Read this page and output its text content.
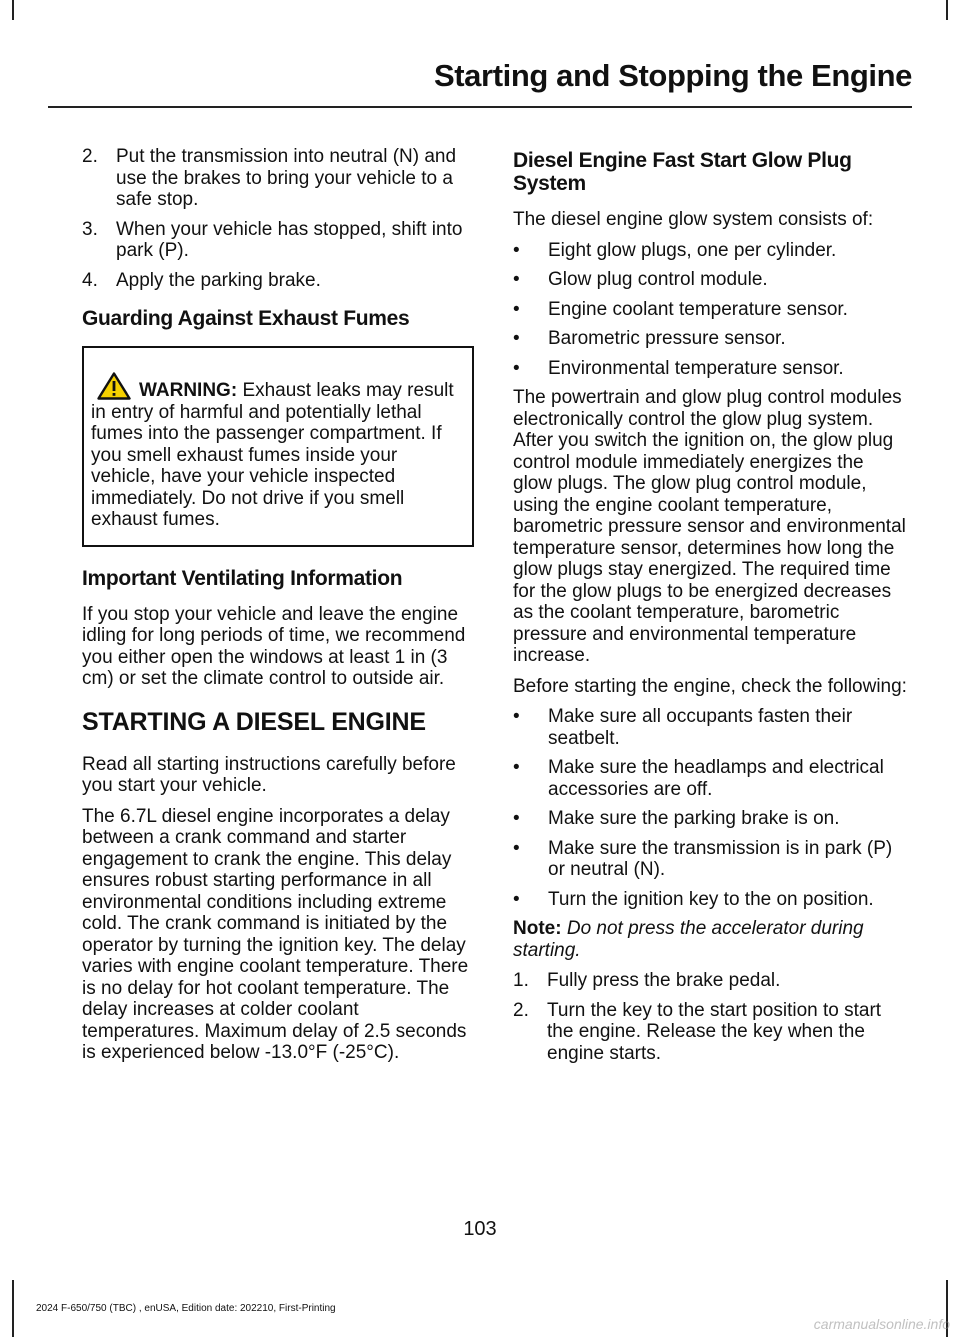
Starting and Stopping the Engine
2. Put the transmission into neutral (N) and use the brakes to bring your vehicle to a safe stop.
3. When your vehicle has stopped, shift into park (P).
4. Apply the parking brake.
Guarding Against Exhaust Fumes
WARNING: Exhaust leaks may result in entry of harmful and potentially lethal fumes into the passenger compartment. If you smell exhaust fumes inside your vehicle, have your vehicle inspected immediately. Do not drive if you smell exhaust fumes.
Important Ventilating Information

If you stop your vehicle and leave the engine idling for long periods of time, we recommend you either open the windows at least 1 in (3 cm) or set the climate control to outside air.

STARTING A DIESEL ENGINE

Read all starting instructions carefully before you start your vehicle.

The 6.7L diesel engine incorporates a delay between a crank command and starter engagement to crank the engine. This delay ensures robust starting performance in all environmental conditions including extreme cold. The crank command is initiated by the operator by turning the ignition key. The delay varies with engine coolant temperature. There is no delay for hot coolant temperature. The delay increases at colder coolant temperatures. Maximum delay of 2.5 seconds is experienced below -13.0°F (-25°C).

Diesel Engine Fast Start Glow Plug System

The diesel engine glow system consists of:

• Eight glow plugs, one per cylinder.
• Glow plug control module.
• Engine coolant temperature sensor.
• Barometric pressure sensor.
• Environmental temperature sensor.

The powertrain and glow plug control modules electronically control the glow plug system. After you switch the ignition on, the glow plug control module immediately energizes the glow plugs. The glow plug control module, using the engine coolant temperature, barometric pressure sensor and environmental temperature sensor, determines how long the glow plugs stay energized. The required time for the glow plugs to be energized decreases as the coolant temperature, barometric pressure and environmental temperature increase.

Before starting the engine, check the following:

• Make sure all occupants fasten their seatbelt.
• Make sure the headlamps and electrical accessories are off.
• Make sure the parking brake is on.
• Make sure the transmission is in park (P) or neutral (N).
• Turn the ignition key to the on position.

Note: Do not press the accelerator during starting.

1. Fully press the brake pedal.
2. Turn the key to the start position to start the engine. Release the key when the engine starts.
103
2024 F-650/750 (TBC) , enUSA, Edition date: 202210, First-Printing
carmanualsonline.info
